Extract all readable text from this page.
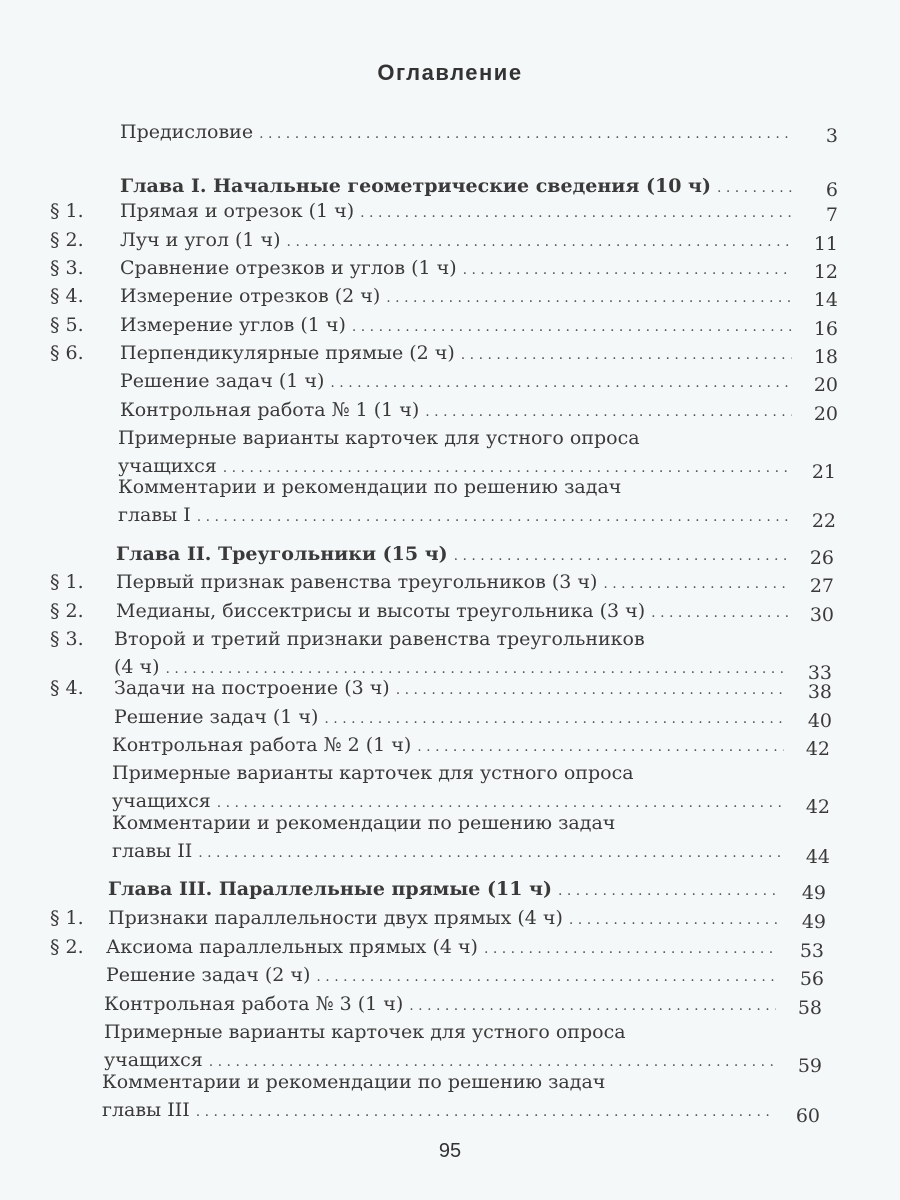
Оглавление
Предисловие . . .	3
Глава I. Начальные геометрические сведения (10 ч) . . .	6
§ 1.	Прямая и отрезок (1 ч) . . .	7
§ 2.	Луч и угол (1 ч) . . .	11
§ 3.	Сравнение отрезков и углов (1 ч) . . .	12
§ 4.	Измерение отрезков (2 ч) . . .	14
§ 5.	Измерение углов (1 ч) . . .	16
§ 6.	Перпендикулярные прямые (2 ч) . . .	18
Решение задач (1 ч) . . .	20
Контрольная работа № 1 (1 ч) . . .	20
Примерные варианты карточек для устного опроса
учащихся . . .	21
Комментарии и рекомендации по решению задач
главы I . . .	22
Глава II. Треугольники (15 ч) . . .	26
§ 1.	Первый признак равенства треугольников (3 ч) . . .	27
§ 2.	Медианы, биссектрисы и высоты треугольника (3 ч) . . .	30
§ 3.	Второй и третий признаки равенства треугольников
(4 ч) . . .	33
§ 4.	Задачи на построение (3 ч) . . .	38
Решение задач (1 ч) . . .	40
Контрольная работа № 2 (1 ч) . . .	42
Примерные варианты карточек для устного опроса
учащихся . . .	42
Комментарии и рекомендации по решению задач
главы II . . .	44
Глава III. Параллельные прямые (11 ч) . . .	49
§ 1.	Признаки параллельности двух прямых (4 ч) . . .	49
§ 2.	Аксиома параллельных прямых (4 ч) . . .	53
Решение задач (2 ч) . . .	56
Контрольная работа № 3 (1 ч) . . .	58
Примерные варианты карточек для устного опроса
учащихся . . .	59
Комментарии и рекомендации по решению задач
главы III . . .	60
95
